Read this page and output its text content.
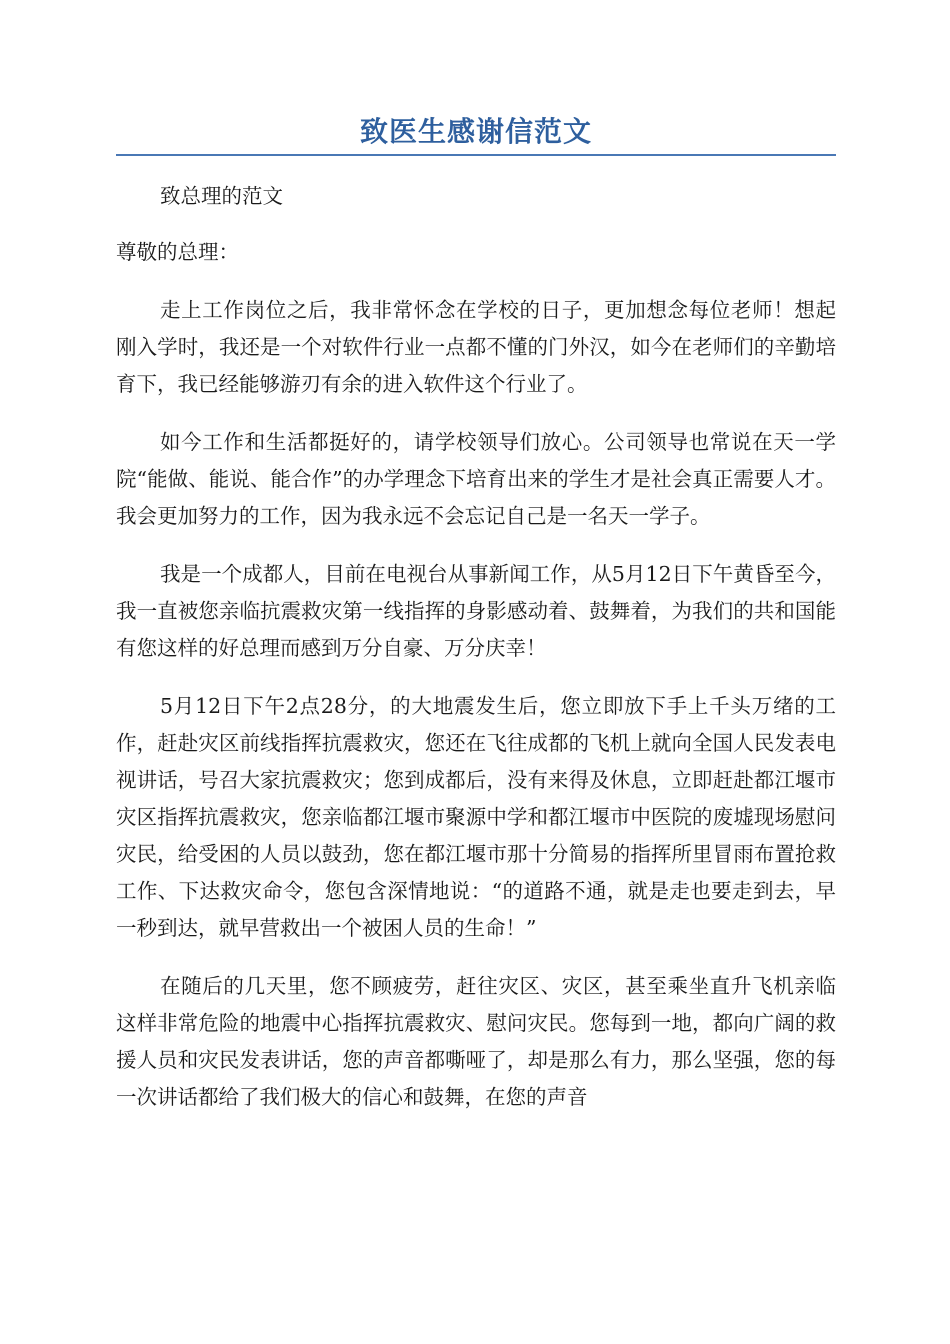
致医生感谢信范文

致总理的范文

尊敬的总理：

走上工作岗位之后，我非常怀念在学校的日子，更加想念每位老师！想起刚入学时，我还是一个对软件行业一点都不懂的门外汉，如今在老师们的辛勤培育下，我已经能够游刃有余的进入软件这个行业了。

如今工作和生活都挺好的，请学校领导们放心。公司领导也常说在天一学院“能做、能说、能合作”的办学理念下培育出来的学生才是社会真正需要人才。我会更加努力的工作，因为我永远不会忘记自己是一名天一学子。

我是一个成都人，目前在电视台从事新闻工作，从5月12日下午黄昏至今，我一直被您亲临抗震救灾第一线指挥的身影感动着、鼓舞着，为我们的共和国能有您这样的好总理而感到万分自豪、万分庆幸！

5月12日下午2点28分，的大地震发生后，您立即放下手上千头万绪的工作，赶赴灾区前线指挥抗震救灾，您还在飞往成都的飞机上就向全国人民发表电视讲话，号召大家抗震救灾；您到成都后，没有来得及休息，立即赶赴都江堰市灾区指挥抗震救灾，您亲临都江堰市聚源中学和都江堰市中医院的废墟现场慰问灾民，给受困的人员以鼓劲，您在都江堰市那十分简易的指挥所里冒雨布置抢救工作、下达救灾命令，您包含深情地说：“的道路不通，就是走也要走到去，早一秒到达，就早营救出一个被困人员的生命！”

在随后的几天里，您不顾疲劳，赶往灾区、灾区，甚至乘坐直升飞机亲临这样非常危险的地震中心指挥抗震救灾、慰问灾民。您每到一地，都向广阔的救援人员和灾民发表讲话，您的声音都嘶哑了，却是那么有力，那么坚强，您的每一次讲话都给了我们极大的信心和鼓舞，在您的声音
